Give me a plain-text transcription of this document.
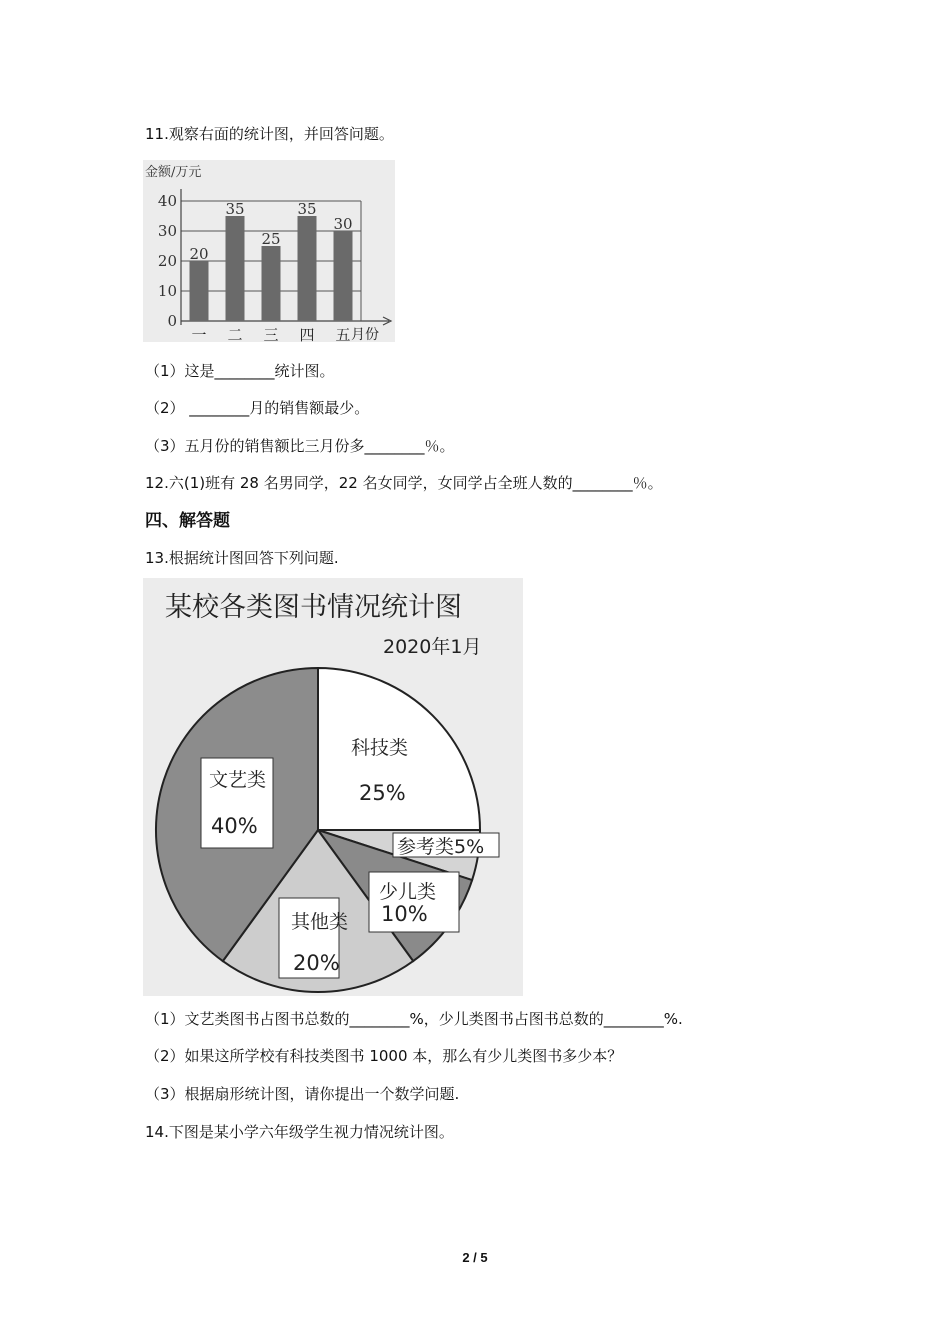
11.观察右面的统计图，并回答问题。
金额/万元
月份
0
10
20
30
40
20
一
35
二
25
三
35
四
30
五
（1）这是________统计图。
（2） ________月的销售额最少。
（3）五月份的销售额比三月份多________％。
12.六(1)班有 28 名男同学，22 名女同学，女同学占全班人数的________％。
四、解答题
13.根据统计图回答下列问题.
某校各类图书情况统计图
2020年1月
科技类
25%
参考类5%
少儿类
10%
其他类
20%
文艺类
40%
（1）文艺类图书占图书总数的________%，少儿类图书占图书总数的________%.
（2）如果这所学校有科技类图书 1000 本，那么有少儿类图书多少本？
（3）根据扇形统计图，请你提出一个数学问题.
14.下图是某小学六年级学生视力情况统计图。
2 / 5
